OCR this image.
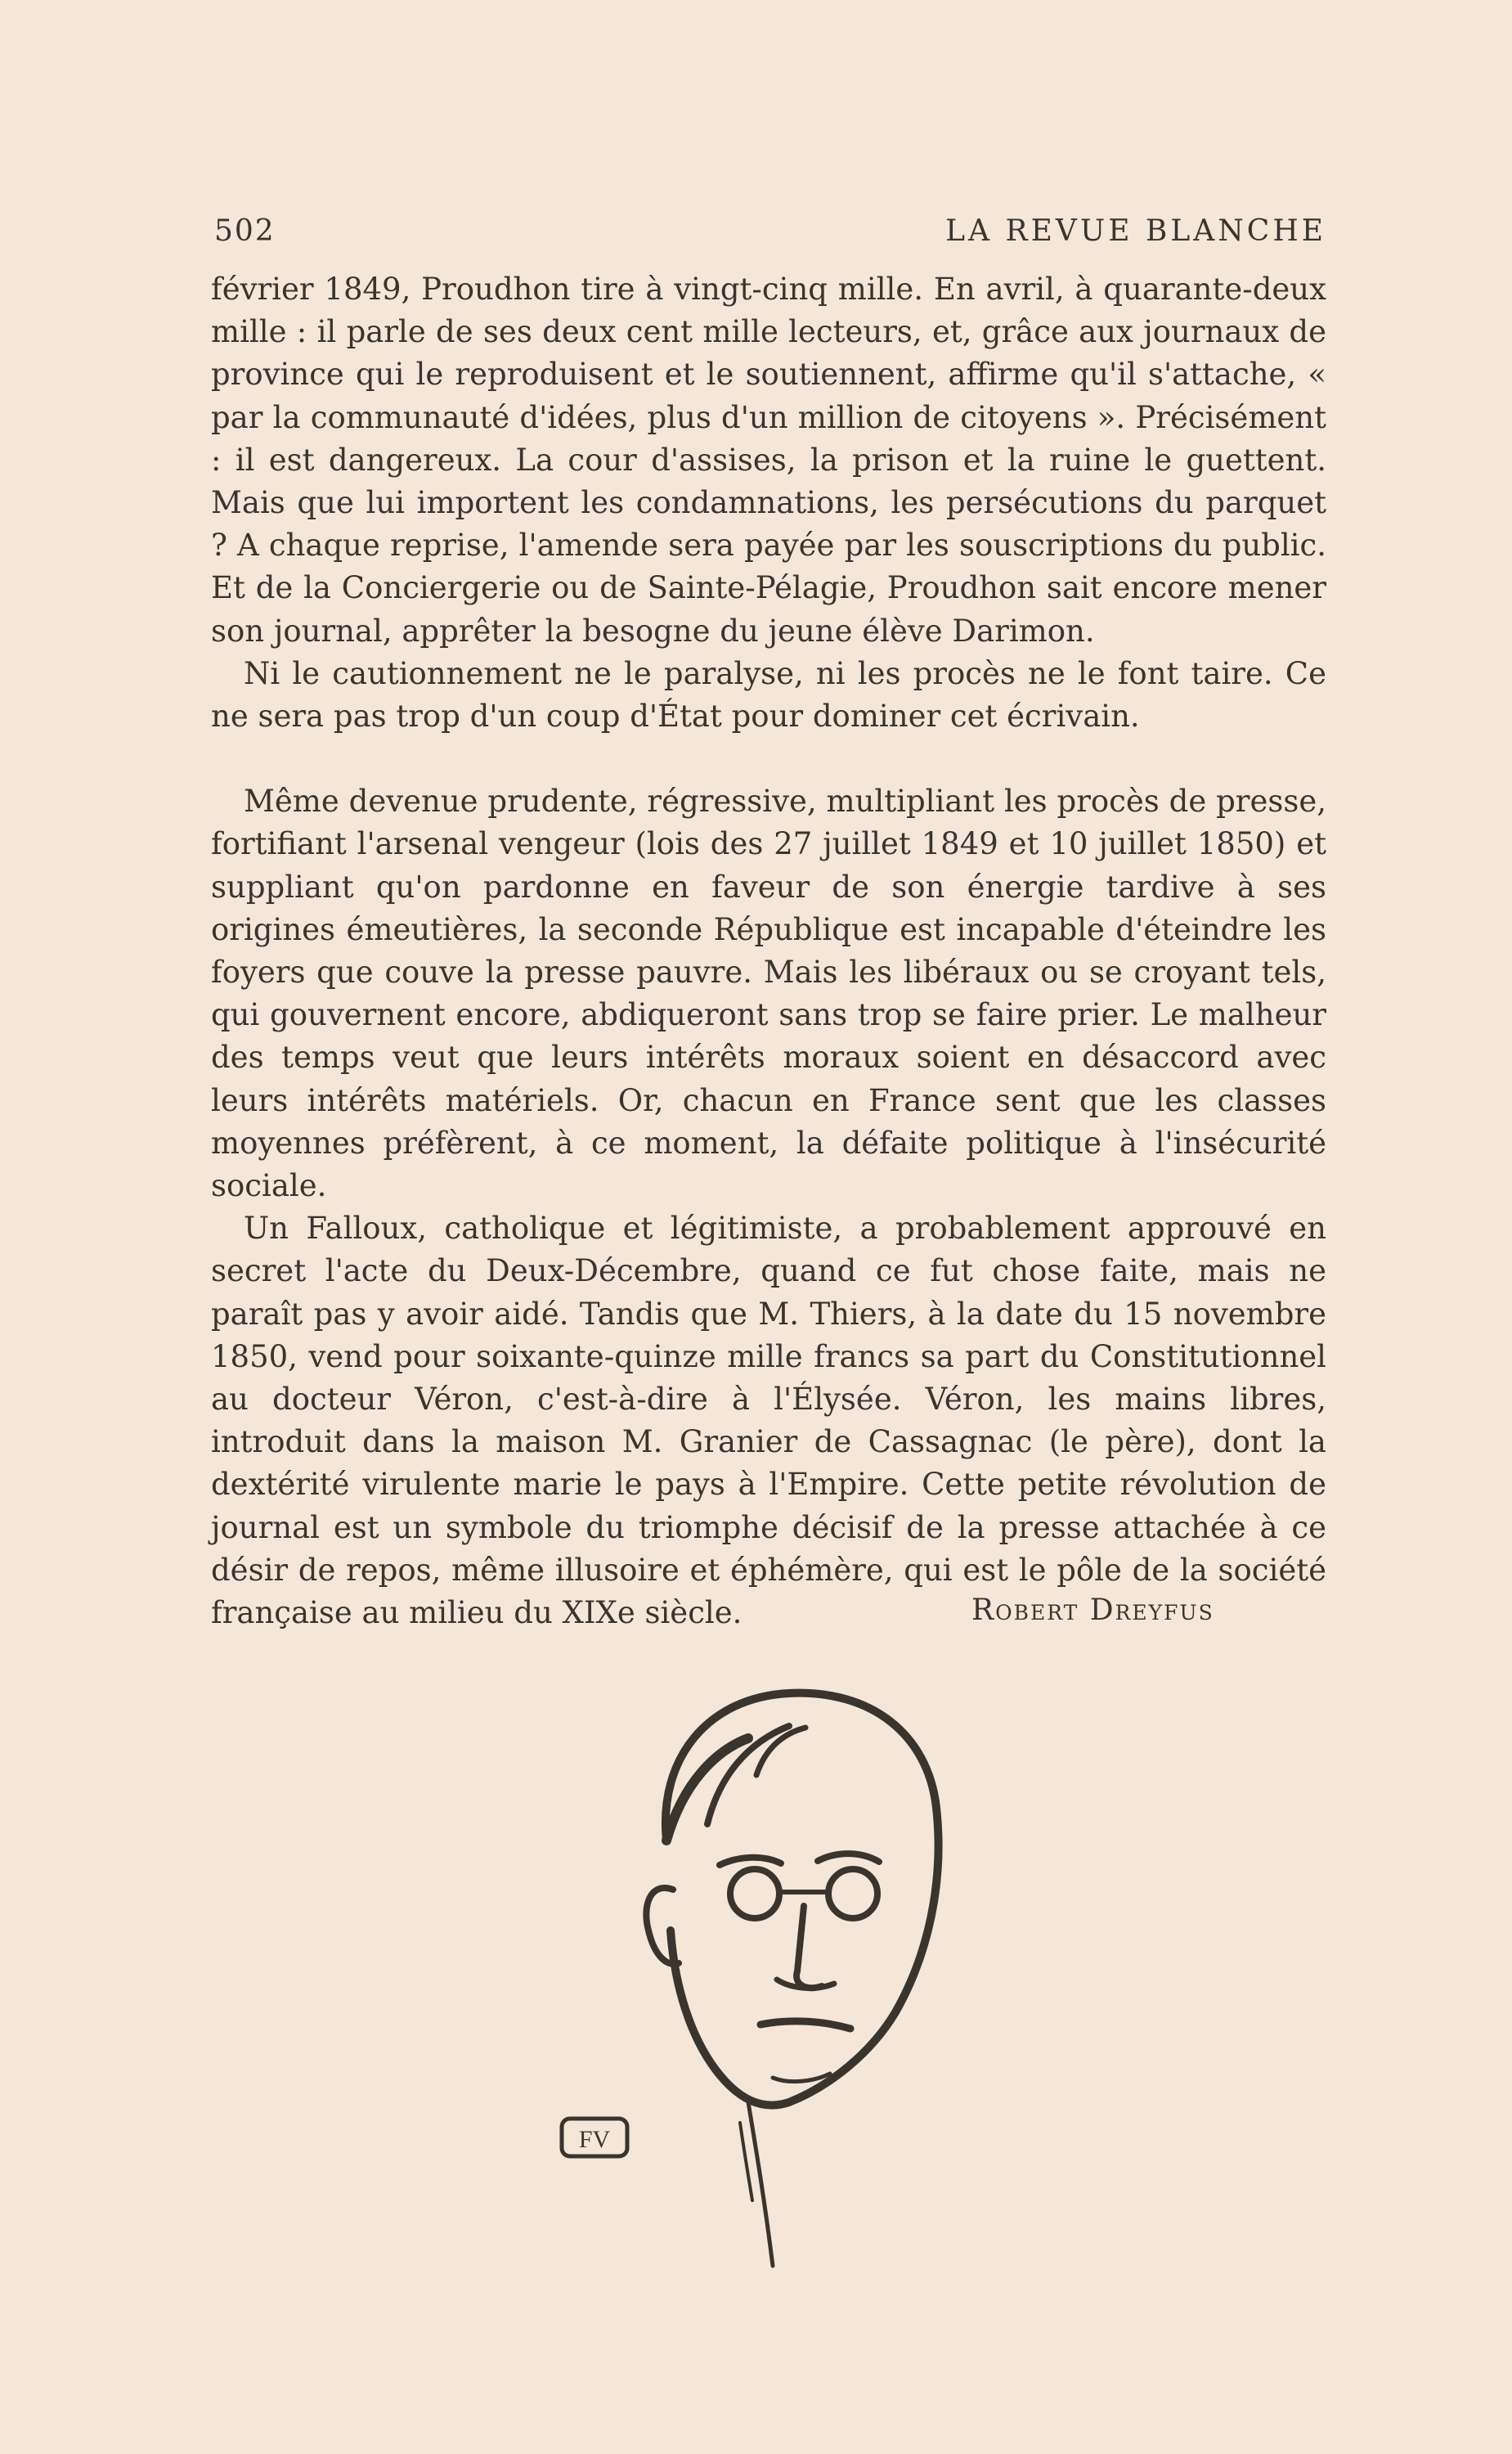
502	LA REVUE BLANCHE

février 1849, Proudhon tire à vingt-cinq mille. En avril, à quarante-deux mille : il parle de ses deux cent mille lecteurs, et, grâce aux journaux de province qui le reproduisent et le soutiennent, affirme qu'il s'attache, « par la communauté d'idées, plus d'un million de citoyens ». Précisément : il est dangereux. La cour d'assises, la prison et la ruine le guettent. Mais que lui importent les condamnations, les persécutions du parquet ? A chaque reprise, l'amende sera payée par les souscriptions du public. Et de la Conciergerie ou de Sainte-Pélagie, Proudhon sait encore mener son journal, apprêter la besogne du jeune élève Darimon.

Ni le cautionnement ne le paralyse, ni les procès ne le font taire. Ce ne sera pas trop d'un coup d'État pour dominer cet écrivain.

Même devenue prudente, régressive, multipliant les procès de presse, fortifiant l'arsenal vengeur (lois des 27 juillet 1849 et 10 juillet 1850) et suppliant qu'on pardonne en faveur de son énergie tardive à ses origines émeutières, la seconde République est incapable d'éteindre les foyers que couve la presse pauvre. Mais les libéraux ou se croyant tels, qui gouvernent encore, abdiqueront sans trop se faire prier. Le malheur des temps veut que leurs intérêts moraux soient en désaccord avec leurs intérêts matériels. Or, chacun en France sent que les classes moyennes préfèrent, à ce moment, la défaite politique à l'insécurité sociale.

Un Falloux, catholique et légitimiste, a probablement approuvé en secret l'acte du Deux-Décembre, quand ce fut chose faite, mais ne paraît pas y avoir aidé. Tandis que M. Thiers, à la date du 15 novembre 1850, vend pour soixante-quinze mille francs sa part du Constitutionnel au docteur Véron, c'est-à-dire à l'Élysée. Véron, les mains libres, introduit dans la maison M. Granier de Cassagnac (le père), dont la dextérité virulente marie le pays à l'Empire. Cette petite révolution de journal est un symbole du triomphe décisif de la presse attachée à ce désir de repos, même illusoire et éphémère, qui est le pôle de la société française au milieu du XIXe siècle.	Robert Dreyfus
FV
